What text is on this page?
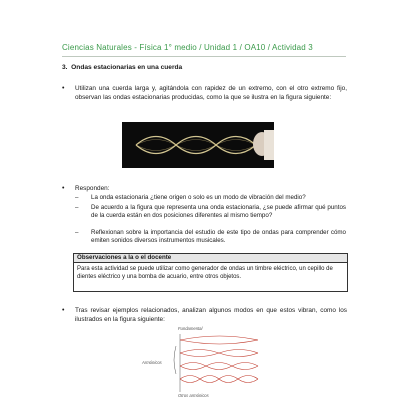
Ciencias Naturales - Física 1° medio / Unidad 1 / OA10 / Actividad 3
3. Ondas estacionarias en una cuerda
• Utilizan una cuerda larga y, agitándola con rapidez de un extremo, con el otro extremo fijo, observan las ondas estacionarias producidas, como la que se ilustra en la figura siguiente:
• Responden:
– La onda estacionaria ¿tiene origen o solo es un modo de vibración del medio?
– De acuerdo a la figura que representa una onda estacionaria, ¿se puede afirmar qué puntos de la cuerda están en dos posiciones diferentes al mismo tiempo?
– Reflexionan sobre la importancia del estudio de este tipo de ondas para comprender cómo emiten sonidos diversos instrumentos musicales.
Observaciones a la o el docente
Para esta actividad se puede utilizar como generador de ondas un timbre eléctrico, un cepillo de dientes eléctrico y una bomba de acuario, entre otros objetos.
• Tras revisar ejemplos relacionados, analizan algunos modos en que estos vibran, como los ilustrados en la figura siguiente:
Fundamental
Armónicos
Otros armónicos
